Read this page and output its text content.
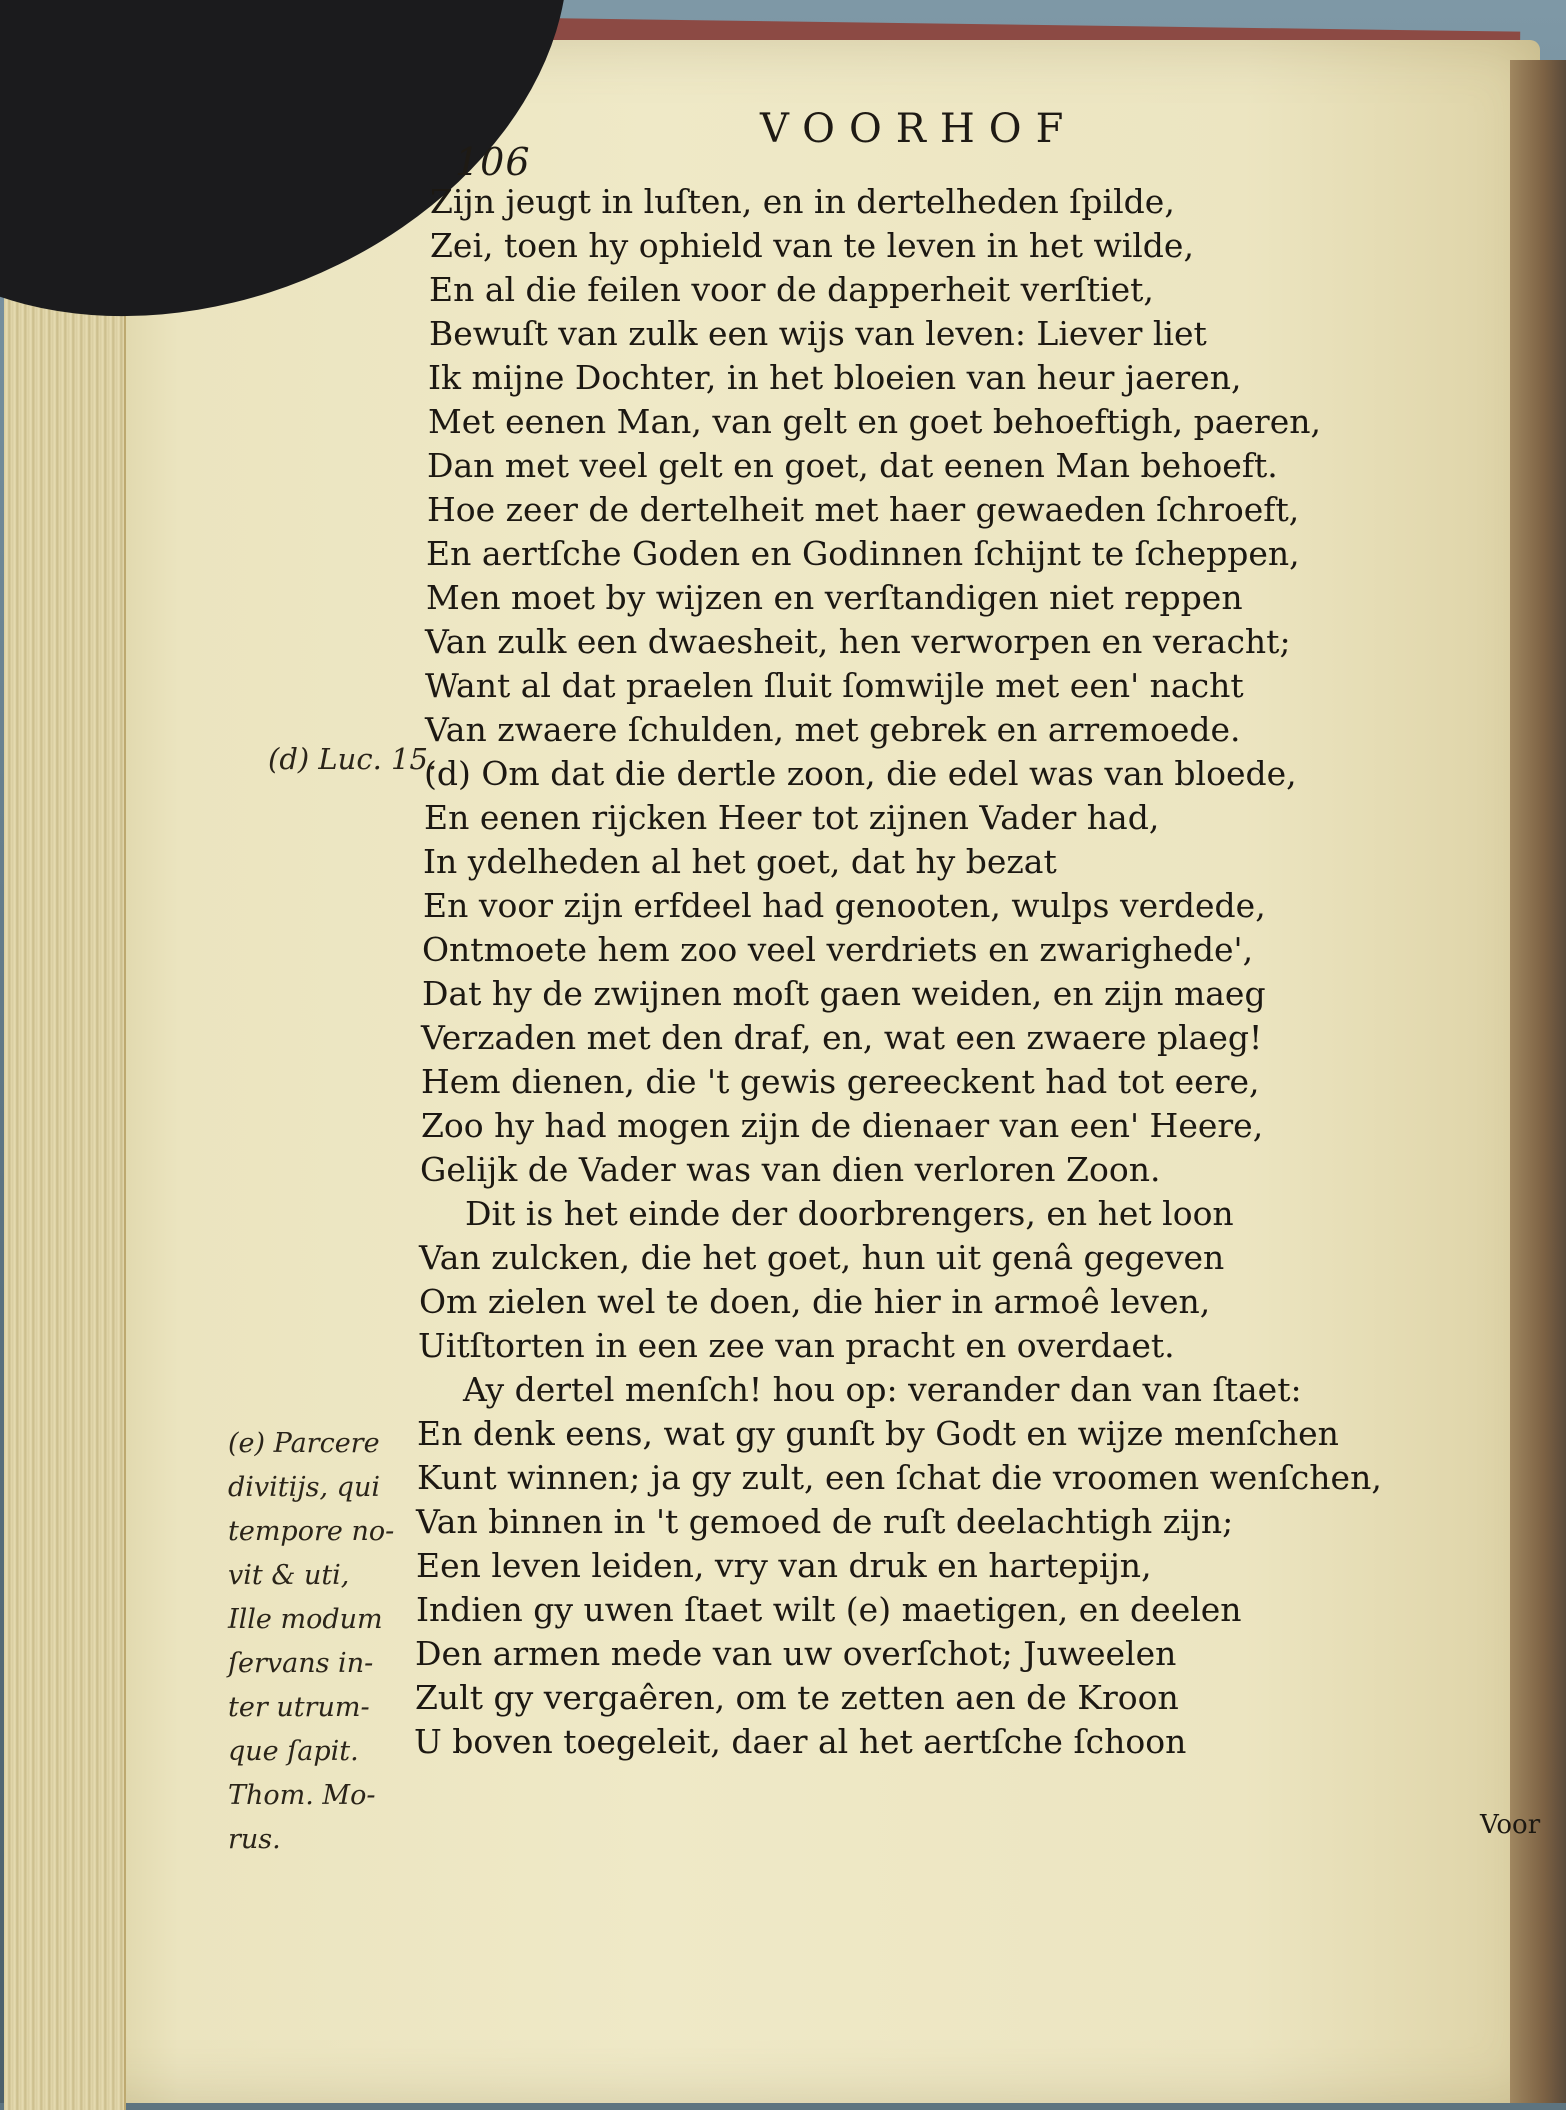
106
VOORHOF
Zijn jeugt in luſten, en in dertelheden ſpilde,
Zei, toen hy ophield van te leven in het wilde,
En al die feilen voor de dapperheit verſtiet,
Bewuſt van zulk een wijs van leven: Liever liet
Ik mijne Dochter, in het bloeien van heur jaeren,
Met eenen Man, van gelt en goet behoeftigh, paeren,
Dan met veel gelt en goet, dat eenen Man behoeft.
Hoe zeer de dertelheit met haer gewaeden ſchroeft,
En aertſche Goden en Godinnen ſchijnt te ſcheppen,
Men moet by wijzen en verſtandigen niet reppen
Van zulk een dwaesheit, hen verworpen en veracht;
Want al dat praelen ſluit ſomwijle met een' nacht
Van zwaere ſchulden, met gebrek en arremoede.
(d) Om dat die dertle zoon, die edel was van bloede,
En eenen rijcken Heer tot zijnen Vader had,
In ydelheden al het goet, dat hy bezat
En voor zijn erfdeel had genooten, wulps verdede,
Ontmoete hem zoo veel verdriets en zwarighede',
Dat hy de zwijnen moſt gaen weiden, en zijn maeg
Verzaden met den draf, en, wat een zwaere plaeg!
Hem dienen, die 't gewis gereeckent had tot eere,
Zoo hy had mogen zijn de dienaer van een' Heere,
Gelijk de Vader was van dien verloren Zoon.
Dit is het einde der doorbrengers, en het loon
Van zulcken, die het goet, hun uit genâ gegeven
Om zielen wel te doen, die hier in armoê leven,
Uitſtorten in een zee van pracht en overdaet.
Ay dertel menſch! hou op: verander dan van ſtaet:
En denk eens, wat gy gunſt by Godt en wijze menſchen
Kunt winnen; ja gy zult, een ſchat die vroomen wenſchen,
Van binnen in 't gemoed de ruſt deelachtigh zijn;
Een leven leiden, vry van druk en hartepijn,
Indien gy uwen ſtaet wilt (e) maetigen, en deelen
Den armen mede van uw overſchot; Juweelen
Zult gy vergaêren, om te zetten aen de Kroon
U boven toegeleit, daer al het aertſche ſchoon
(d) Luc. 15.
(e) Parcere
divitijs, qui
tempore no-
vit & uti,
Ille modum
ſervans in-
ter utrum-
que ſapit.
Thom. Mo-
rus.	Voor
